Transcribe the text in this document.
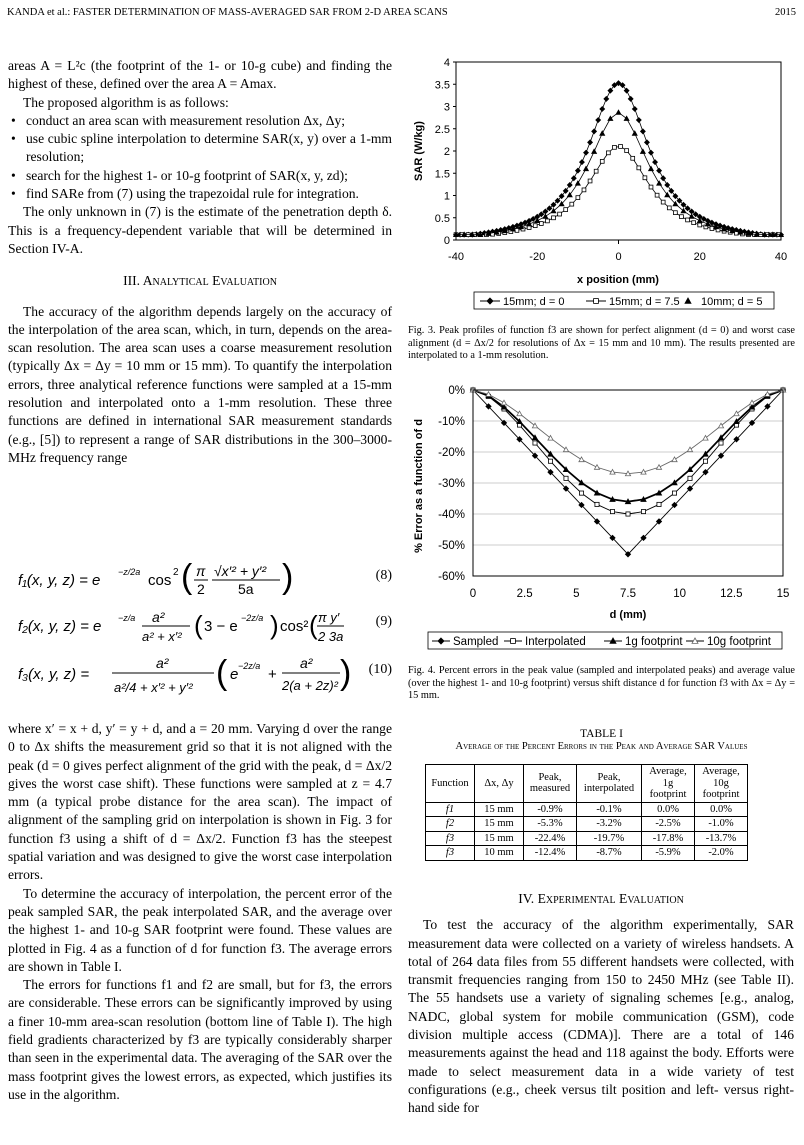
KANDA et al.: FASTER DETERMINATION OF MASS-AVERAGED SAR FROM 2-D AREA SCANS	2015

areas A = L²c (the footprint of the 1- or 10-g cube) and finding the highest of these, defined over the area A = Amax.

The proposed algorithm is as follows:

• conduct an area scan with measurement resolution Δx, Δy;
• use cubic spline interpolation to determine SAR(x, y) over a 1-mm resolution;
• search for the highest 1- or 10-g footprint of SAR(x, y, zd);
• find SARe from (7) using the trapezoidal rule for integration.

The only unknown in (7) is the estimate of the penetration depth δ. This is a frequency-dependent variable that will be determined in Section IV-A.

III. Analytical Evaluation

The accuracy of the algorithm depends largely on the accuracy of the interpolation of the area scan, which, in turn, depends on the area-scan resolution. The area scan uses a coarse measurement resolution (typically Δx = Δy = 10 mm or 15 mm). To quantify the interpolation errors, three analytical reference functions were sampled at a 15-mm resolution and interpolated onto a 1-mm resolution. These three functions are defined in international SAR measurement standards (e.g., [5]) to represent a range of SAR distributions in the 300–3000-MHz frequency range

f₁(x, y, z) = e −z/2a cos 2 ( π
2
√x′² + y′²
5a )	(8)
f₂(x, y, z) = e −z/a a²
a² + x′² ( 3 − e −2z/a ) cos² ( π y′
2 3a
(9)
f₃(x, y, z) =
a²
a²/4 + x′² + y′² ( e −2z/a +
a²
2(a + 2z)² ) (10)

where x′ = x + d, y′ = y + d, and a = 20 mm. Varying d over the range 0 to Δx shifts the measurement grid so that it is not aligned with the peak (d = 0 gives perfect alignment of the grid with the peak, d = Δx/2 gives the worst case shift). These functions were sampled at z = 4.7 mm (a typical probe distance for the area scan). The impact of alignment of the sampling grid on interpolation is shown in Fig. 3 for function f3 using a shift of d = Δx/2. Function f3 has the steepest spatial variation and was designed to give the worst case interpolation errors.

To determine the accuracy of interpolation, the percent error of the peak sampled SAR, the peak interpolated SAR, and the average over the highest 1- and 10-g SAR footprint were found. These values are plotted in Fig. 4 as a function of d for function f3. The average errors are shown in Table I.

The errors for functions f1 and f2 are small, but for f3, the errors are considerable. These errors can be significantly improved by using a finer 10-mm area-scan resolution (bottom line of Table I). The high field gradients characterized by f3 are typically considerably sharper than seen in the experimental data. The averaging of the SAR over the mass footprint gives the lowest errors, as expected, which justifies its use in the algorithm.

0
0.5
1
1.5
2
2.5
3
3.5
4
-40	-20	0	20	40
x position (mm)
SAR (W/kg)
15mm; d = 0	15mm; d = 7.5 10mm; d = 5
Fig. 3. Peak profiles of function f3 are shown for perfect alignment (d = 0) and worst case alignment (d = Δx/2 for resolutions of Δx = 15 mm and 10 mm). The results presented are interpolated to a 1-mm resolution.
0%
-10%
-20%
-30%
-40%
-50%
-60%
0	2.5	5	7.5	10	12.5	15
d (mm)
% Error as a function of d
Sampled Interpolated	1g footprint 10g footprint
Fig. 4. Percent errors in the peak value (sampled and interpolated peaks) and average value (over the highest 1- and 10-g footprint) versus shift distance d for function f3 with Δx = Δy = 15 mm.
TABLE I
Average of the Percent Errors in the Peak and Average SAR Values
Function	Δx, Δy	Peak, measured	Peak, interpolated	Average, 1g footprint	Average, 10g footprint
f1	15 mm	-0.9%	-0.1%	0.0%	0.0%
f2	15 mm	-5.3%	-3.2%	-2.5%	-1.0%
f3	15 mm	-22.4%	-19.7%	-17.8%	-13.7%
f3	10 mm	-12.4%	-8.7%	-5.9%	-2.0%
IV. Experimental Evaluation

To test the accuracy of the algorithm experimentally, SAR measurement data were collected on a variety of wireless handsets. A total of 264 data files from 55 different handsets were collected, with transmit frequencies ranging from 150 to 2450 MHz (see Table II). The 55 handsets use a variety of signaling schemes [e.g., analog, NADC, global system for mobile communication (GSM), code division multiple access (CDMA)]. There are a total of 146 measurements against the head and 118 against the body. Efforts were made to select measurement data in a wide variety of test configurations (e.g., cheek versus tilt position and left- versus right-hand side for
